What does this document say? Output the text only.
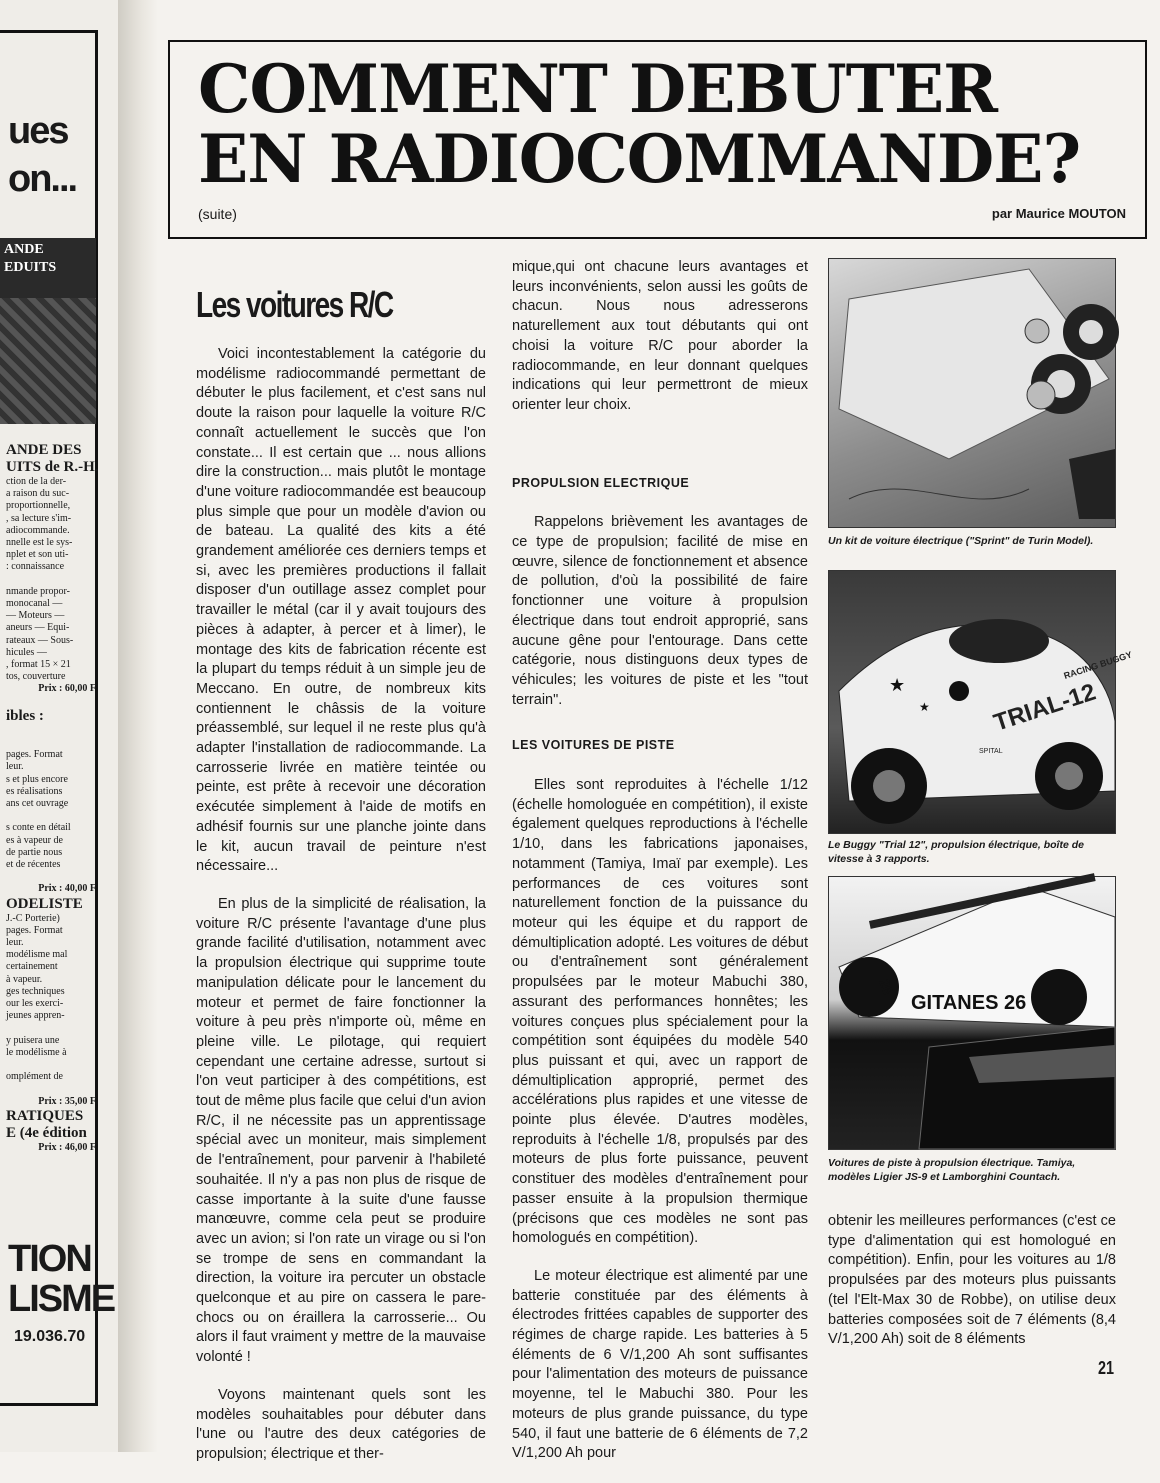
ues
on...
ANDE
EDUITS
ANDE DES
UITS de R.-H.
ction de la der-
a raison du suc-
proportionnelle,
, sa lecture s'im-
adiocommande.
nnelle est le sys-
nplet et son uti-
: connaissance
nmande propor-
monocanal —
— Moteurs —
aneurs — Equi-
rateaux — Sous-
hicules —
, format 15 × 21
tos, couverture
Prix : 60,00 F
ibles :
pages. Format
leur.
s et plus encore
es réalisations
ans cet ouvrage
s conte en détail
es à vapeur de
de partie nous
et de récentes
Prix : 40,00 F
ODELISTE
J.-C Porterie)
pages. Format
leur.
modélisme mal
certainement
à vapeur.
ges techniques
our les exerci-
jeunes appren-
y puisera une
le modélisme à
omplément de
Prix : 35,00 F
RATIQUES
E (4e édition
Prix : 46,00 F
TION
LISME
19.036.70
COMMENT DEBUTER
EN RADIOCOMMANDE?
(suite)	par Maurice MOUTON
Les voitures R/C

Voici incontestablement la catégorie du modélisme radiocommandé permettant de débuter le plus facilement, et c'est sans nul doute la raison pour laquelle la voiture R/C connaît actuellement le succès que l'on constate... Il est certain que ... nous allions dire la construction... mais plutôt le montage d'une voiture radiocommandée est beaucoup plus simple que pour un modèle d'avion ou de bateau. La qualité des kits a été grandement améliorée ces derniers temps et si, avec les premières productions il fallait disposer d'un outillage assez complet pour travailler le métal (car il y avait toujours des pièces à adapter, à percer et à limer), le montage des kits de fabrication récente est la plupart du temps réduit à un simple jeu de Meccano. En outre, de nombreux kits contiennent le châssis de la voiture préassemblé, sur lequel il ne reste plus qu'à adapter l'installation de radiocommande. La carrosserie livrée en matière teintée ou peinte, est prête à recevoir une décoration exécutée simplement à l'aide de motifs en adhésif fournis sur une planche jointe dans le kit, aucun travail de peinture n'est nécessaire...

En plus de la simplicité de réalisation, la voiture R/C présente l'avantage d'une plus grande facilité d'utilisation, notamment avec la propulsion électrique qui supprime toute manipulation délicate pour le lancement du moteur et permet de faire fonctionner la voiture à peu près n'importe où, même en pleine ville. Le pilotage, qui requiert cependant une certaine adresse, surtout si l'on veut participer à des compétitions, est tout de même plus facile que celui d'un avion R/C, il ne nécessite pas un apprentissage spécial avec un moniteur, mais simplement de l'entraînement, pour parvenir à l'habileté souhaitée. Il n'y a pas non plus de risque de casse importante à la suite d'une fausse manœuvre, comme cela peut se produire avec un avion; si l'on rate un virage ou si l'on se trompe de sens en commandant la direction, la voiture ira percuter un obstacle quelconque et au pire on cassera le pare-chocs ou on éraillera la carrosserie... Ou alors il faut vraiment y mettre de la mauvaise volonté !

Voyons maintenant quels sont les modèles souhaitables pour débuter dans l'une ou l'autre des deux catégories de propulsion; électrique et ther-

mique,qui ont chacune leurs avantages et leurs inconvénients, selon aussi les goûts de chacun. Nous nous adresserons naturellement aux tout débutants qui ont choisi la voiture R/C pour aborder la radiocommande, en leur donnant quelques indications qui leur permettront de mieux orienter leur choix.

PROPULSION ELECTRIQUE

Rappelons brièvement les avantages de ce type de propulsion; facilité de mise en œuvre, silence de fonctionnement et absence de pollution, d'où la possibilité de faire fonctionner une voiture à propulsion électrique dans tout endroit approprié, sans aucune gêne pour l'entourage. Dans cette catégorie, nous distinguons deux types de véhicules; les voitures de piste et les "tout terrain".

LES VOITURES DE PISTE

Elles sont reproduites à l'échelle 1/12 (échelle homologuée en compétition), il existe également quelques reproductions à l'échelle 1/10, dans les fabrications japonaises, notamment (Tamiya, Imaï par exemple). Les performances de ces voitures sont naturellement fonction de la puissance du moteur qui les équipe et du rapport de démultiplication adopté. Les voitures de début ou d'entraînement sont généralement propulsées par le moteur Mabuchi 380, assurant des performances honnêtes; les voitures conçues plus spécialement pour la compétition sont équipées du modèle 540 plus puissant et qui, avec un rapport de démultiplication approprié, permet des accélérations plus rapides et une vitesse de pointe plus élevée. D'autres modèles, reproduits à l'échelle 1/8, propulsés par des moteurs de plus forte puissance, peuvent constituer des modèles d'entraînement pour passer ensuite à la propulsion thermique (précisons que ces modèles ne sont pas homologués en compétition).

Le moteur électrique est alimenté par une batterie constituée par des éléments à électrodes frittées capables de supporter des régimes de charge rapide. Les batteries à 5 éléments de 6 V/1,200 Ah sont suffisantes pour l'alimentation des moteurs de puissance moyenne, tel le Mabuchi 380. Pour les moteurs de plus grande puissance, du type 540, il faut une batterie de 6 éléments de 7,2 V/1,200 Ah pour

Un kit de voiture électrique ("Sprint" de Turin Model).
TRIAL-12
RACING BUGGY
SPITAL
★
★
Le Buggy "Trial 12", propulsion électrique, boîte de vitesse à 3 rapports.
GITANES 26
26
Voitures de piste à propulsion électrique. Tamiya, modèles Ligier JS-9 et Lamborghini Countach.

obtenir les meilleures performances (c'est ce type d'alimentation qui est homologué en compétition). Enfin, pour les voitures au 1/8 propulsées par des moteurs plus puissants (tel l'Elt-Max 30 de Robbe), on utilise deux batteries composées soit de 7 éléments (8,4 V/1,200 Ah) soit de 8 éléments

21
